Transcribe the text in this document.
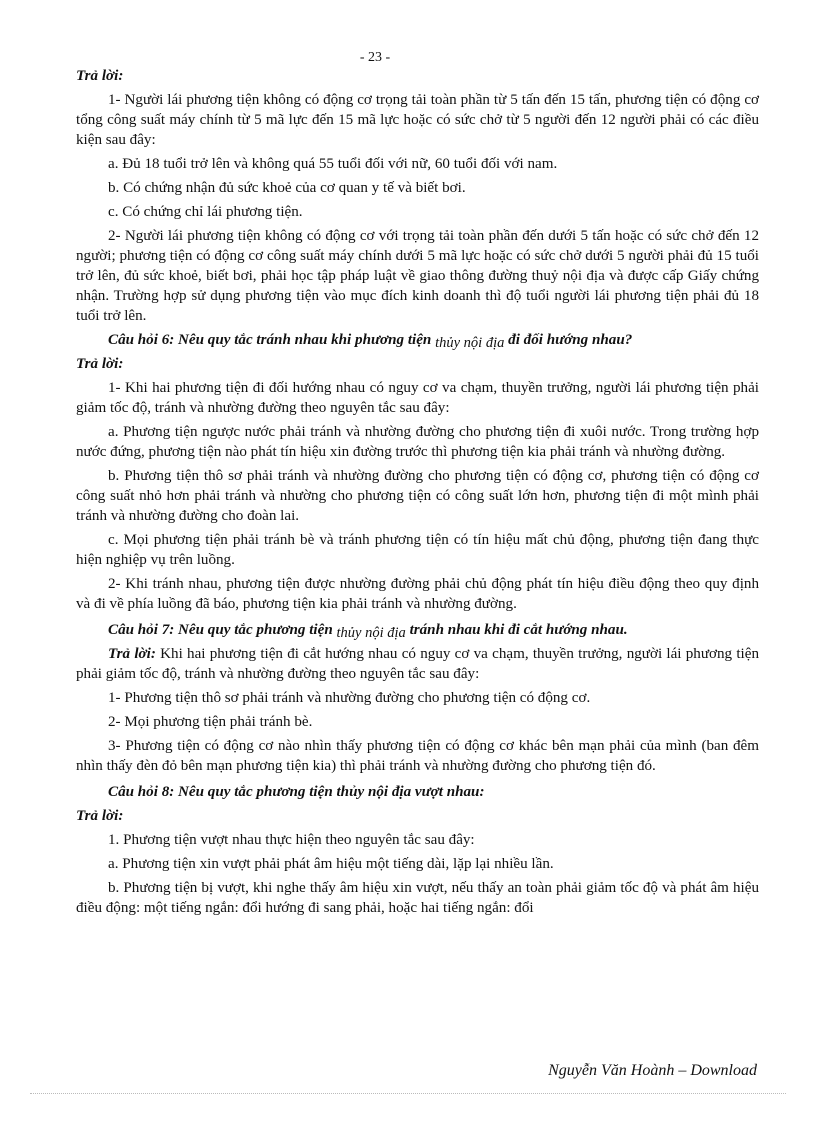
- 23 -

Trả lời:

1- Người lái phương tiện không có động cơ trọng tải toàn phần từ 5 tấn đến 15 tấn, phương tiện có động cơ tổng công suất máy chính từ 5 mã lực đến 15 mã lực hoặc có sức chở từ 5 người đến 12 người phải có các điều kiện sau đây:

a. Đủ 18 tuổi trở lên và không quá 55 tuổi đối với nữ, 60 tuổi đối với nam.

b. Có chứng nhận đủ sức khoẻ của cơ quan y tế và biết bơi.

c. Có chứng chỉ lái phương tiện.

2- Người lái phương tiện không có động cơ với trọng tải toàn phần đến dưới 5 tấn hoặc có sức chở đến 12 người; phương tiện có động cơ công suất máy chính dưới 5 mã lực hoặc có sức chở dưới 5 người phải đủ 15 tuổi trở lên, đủ sức khoẻ, biết bơi, phải học tập pháp luật về giao thông đường thuỷ nội địa và được cấp Giấy chứng nhận. Trường hợp sử dụng phương tiện vào mục đích kinh doanh thì độ tuổi người lái phương tiện phải đủ 18 tuổi trở lên.

Câu hỏi 6: Nêu quy tắc tránh nhau khi phương tiện thủy nội địa đi đối hướng nhau?

Trả lời:

1- Khi hai phương tiện đi đối hướng nhau có nguy cơ va chạm, thuyền trưởng, người lái phương tiện phải giảm tốc độ, tránh và nhường đường theo nguyên tắc sau đây:

a. Phương tiện ngược nước phải tránh và nhường đường cho phương tiện đi xuôi nước. Trong trường hợp nước đứng, phương tiện nào phát tín hiệu xin đường trước thì phương tiện kia phải tránh và nhường đường.

b. Phương tiện thô sơ phải tránh và nhường đường cho phương tiện có động cơ, phương tiện có động cơ công suất nhỏ hơn phải tránh và nhường cho phương tiện có công suất lớn hơn, phương tiện đi một mình phải tránh và nhường đường cho đoàn lai.

c. Mọi phương tiện phải tránh bè và tránh phương tiện có tín hiệu mất chủ động, phương tiện đang thực hiện nghiệp vụ trên luồng.

2- Khi tránh nhau, phương tiện được nhường đường phải chủ động phát tín hiệu điều động theo quy định và đi về phía luồng đã báo, phương tiện kia phải tránh và nhường đường.

Câu hỏi 7: Nêu quy tắc phương tiện thủy nội địa tránh nhau khi đi cắt hướng nhau.

Trả lời: Khi hai phương tiện đi cắt hướng nhau có nguy cơ va chạm, thuyền trưởng, người lái phương tiện phải giảm tốc độ, tránh và nhường đường theo nguyên tắc sau đây:

1- Phương tiện thô sơ phải tránh và nhường đường cho phương tiện có động cơ.

2- Mọi phương tiện phải tránh bè.

3- Phương tiện có động cơ nào nhìn thấy phương tiện có động cơ khác bên mạn phải của mình (ban đêm nhìn thấy đèn đỏ bên mạn phương tiện kia) thì phải tránh và nhường đường cho phương tiện đó.

Câu hỏi 8: Nêu quy tắc phương tiện thủy nội địa vượt nhau:

Trả lời:

1. Phương tiện vượt nhau thực hiện theo nguyên tắc sau đây:

a. Phương tiện xin vượt phải phát âm hiệu một tiếng dài, lặp lại nhiều lần.

b. Phương tiện bị vượt, khi nghe thấy âm hiệu xin vượt, nếu thấy an toàn phải giảm tốc độ và phát âm hiệu điều động: một tiếng ngắn: đổi hướng đi sang phải, hoặc hai tiếng ngắn: đổi

Nguyễn Văn Hoành – Download
